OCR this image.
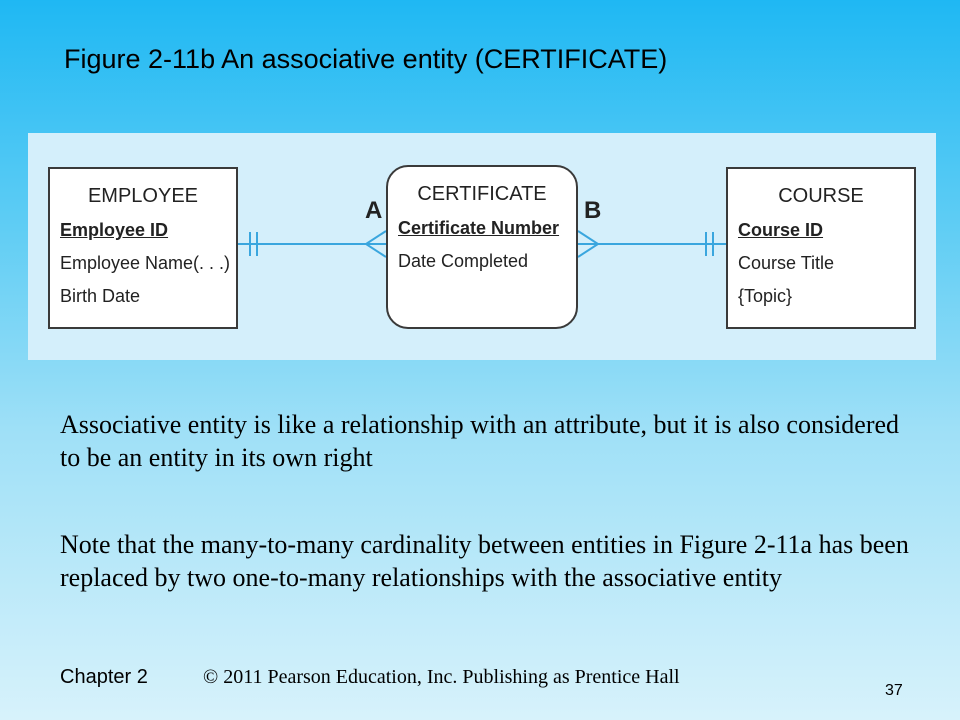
Figure 2-11b An associative entity (CERTIFICATE)
EMPLOYEE
Employee ID
Employee Name(. . .)
Birth Date
CERTIFICATE
Certificate Number
Date Completed
COURSE
Course ID
Course Title
{Topic}
A	B
Associative entity is like a relationship with an attribute, but it is also considered to be an entity in its own right
Note that the many-to-many cardinality between entities in Figure 2-11a has been replaced by two one-to-many relationships with the associative entity
Chapter 2	© 2011 Pearson Education, Inc. Publishing as Prentice Hall
37
